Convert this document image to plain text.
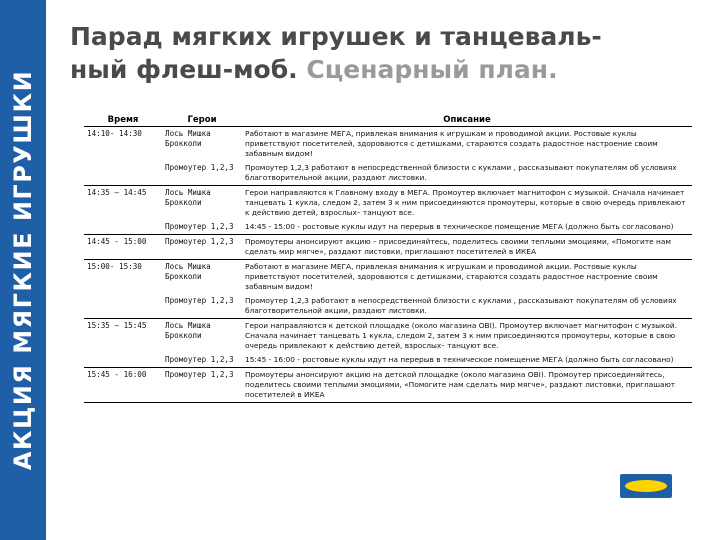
АКЦИЯ МЯГКИЕ ИГРУШКИ
Парад мягких игрушек и танцеваль-
ный флеш-моб. Сценарный план.
Время	Герои	Описание
14:10- 14:30	Лось Мишка Брокколи	Работают в магазине МЕГА, привлекая внимания к игрушкам и проводимой акции. Ростовые куклы приветствуют посетителей, здороваются с детишками, стараются создать радостное настроение своим забавным видом!
	Промоутер 1,2,3	Промоутер 1,2,3 работают в непосредственной близости с куклами , рассказывают покупателям об условиях благотворительной акции, раздают листовки.
14:35 – 14:45	Лось Мишка Брокколи	Герои направляются к Главному входу в МЕГА. Промоутер включает магнитофон с музыкой. Сначала начинает танцевать 1 кукла, следом 2, затем 3 к ним присоединяются промоутеры, которые в свою очередь привлекают к действию детей, взрослых– танцуют все.
	Промоутер 1,2,3	14:45 - 15:00 - ростовые куклы идут на перерыв в техническое помещение МЕГА (должно быть согласовано)
14:45 - 15:00	Промоутер 1,2,3	Промоутеры анонсируют акцию – присоединяйтесь, поделитесь своими теплыми эмоциями, «Помогите нам сделать мир мягче», раздают листовки, приглашают посетителей в ИКЕА
15:00- 15:30	Лось Мишка Брокколи	Работают в магазине МЕГА, привлекая внимания к игрушкам и проводимой акции. Ростовые куклы приветствуют посетителей, здороваются с детишками, стараются создать радостное настроение своим забавным видом!
	Промоутер 1,2,3	Промоутер 1,2,3 работают в непосредственной близости с куклами , рассказывают покупателям об условиях благотворительной акции, раздают листовки.
15:35 – 15:45	Лось Мишка Брокколи	Герои направляются к детской площадке (около магазина OBI). Промоутер включает магнитофон с музыкой. Сначала начинает танцевать 1 кукла, следом 2, затем 3 к ним присоединяются промоутеры, которые в свою очередь привлекают к действию детей, взрослых– танцуют все.
	Промоутер 1,2,3	15:45 - 16:00 - ростовые куклы идут на перерыв в техническое помещение МЕГА (должно быть согласовано)
15:45 - 16:00	Промоутер 1,2,3	Промоутеры анонсируют акцию на детской площадке (около магазина OBI). Промоутер присоединяйтесь, поделитесь своими теплыми эмоциями, «Помогите нам сделать мир мягче», раздают листовки, приглашают посетителей в ИКЕА
